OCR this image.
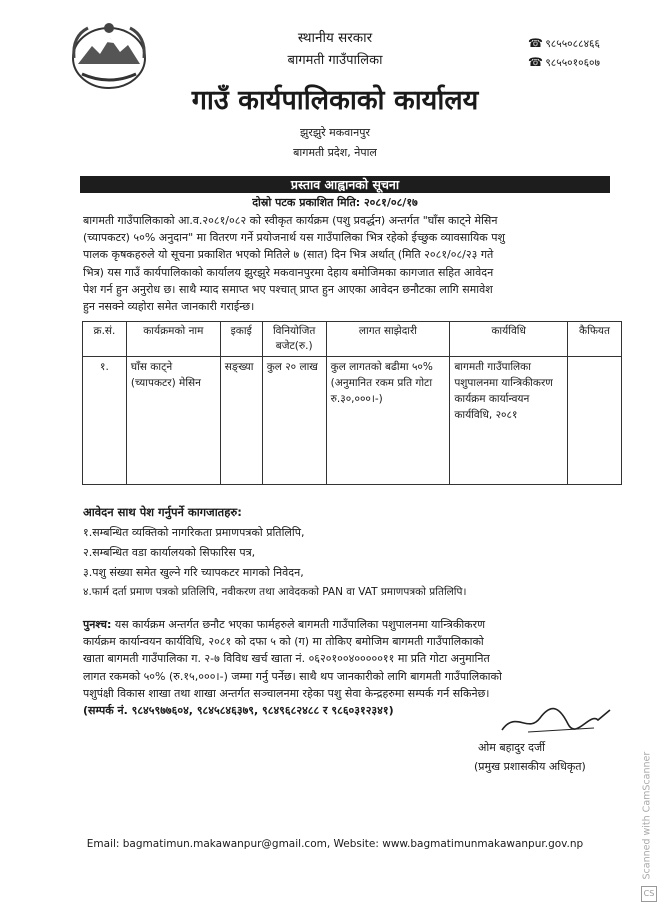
स्थानीय सरकार
बागमती गाउँपालिका
गाउँ कार्यपालिकाको कार्यालय
झुरझुरे मकवानपुर
बागमती प्रदेश, नेपाल
☎ ९८५५०८८४६६
☎ ९८५५०१०६०७
प्रस्ताव आह्वानको सूचना
दोस्रो पटक प्रकाशित मिति: २०८१/०८/१७
बागमती गाउँपालिकाको आ.व.२०८१/०८२ को स्वीकृत कार्यक्रम (पशु प्रवर्द्धन) अन्तर्गत "घाँस काट्ने मेसिन
(च्यापकटर) ५०% अनुदान" मा वितरण गर्ने प्रयोजनार्थ यस गाउँपालिका भित्र रहेको ईच्छुक व्यावसायिक पशु
पालक कृषकहरुले यो सूचना प्रकाशित भएको मितिले ७ (सात) दिन भित्र अर्थात् (मिति २०८१/०८/२३ गते
भित्र) यस गाउँ कार्यपालिकाको कार्यालय झुरझुरे मकवानपुरमा देहाय बमोजिमका कागजात सहित आवेदन
पेश गर्न हुन अनुरोध छ। साथै म्याद समाप्त भए पश्चात् प्राप्त हुन आएका आवेदन छनौटका लागि समावेश
हुन नसक्ने व्यहोरा समेत जानकारी गराईन्छ।
क्र.सं.	कार्यक्रमको नाम	इकाई	विनियोजित बजेट(रु.)	लागत साझेदारी	कार्यविधि	कैफियत
१.	घाँस काट्ने (च्यापकटर) मेसिन	सङ्ख्या	कुल २० लाख	कुल लागतको बढीमा ५०% (अनुमानित रकम प्रति गोटा रु.३०,०००।-)	बागमती गाउँपालिका पशुपालनमा यान्त्रिकीकरण कार्यक्रम कार्यान्वयन कार्यविधि, २०८१	
आवेदन साथ पेश गर्नुपर्ने कागजातहरु:
१.सम्बन्धित व्यक्तिको नागरिकता प्रमाणपत्रको प्रतिलिपि,
२.सम्बन्धित वडा कार्यालयको सिफारिस पत्र,
३.पशु संख्या समेत खुल्ने गरि च्यापकटर मागको निवेदन,
४.फार्म दर्ता प्रमाण पत्रको प्रतिलिपि, नवीकरण तथा आवेदकको PAN वा VAT प्रमाणपत्रको प्रतिलिपि।
पुनश्च: यस कार्यक्रम अन्तर्गत छनौट भएका फार्महरुले बागमती गाउँपालिका पशुपालनमा यान्त्रिकीकरण
कार्यक्रम कार्यान्वयन कार्यविधि, २०८१ को दफा ५ को (ग) मा तोकिए बमोजिम बागमती गाउँपालिकाको
खाता बागमती गाउँपालिका ग. २-७ विविध खर्च खाता नं. ०६२०१००४०००००११ मा प्रति गोटा अनुमानित
लागत रकमको ५०% (रु.१५,०००।-) जम्मा गर्नु पर्नेछ। साथै थप जानकारीको लागि बागमती गाउँपालिकाको
पशुपंक्षी विकास शाखा तथा शाखा अन्तर्गत सञ्चालनमा रहेका पशु सेवा केन्द्रहरुमा सम्पर्क गर्न सकिनेछ।
(सम्पर्क नं. ९८४५९७७६०४, ९८४५८४६३७९, ९८४९६८२४८८ र ९८६०३१२३४१)
ओम बहादुर दर्जी
(प्रमुख प्रशासकीय अधिकृत)
Email: bagmatimun.makawanpur@gmail.com, Website: www.bagmatimunmakawanpur.gov.np
CS
Scanned with CamScanner
